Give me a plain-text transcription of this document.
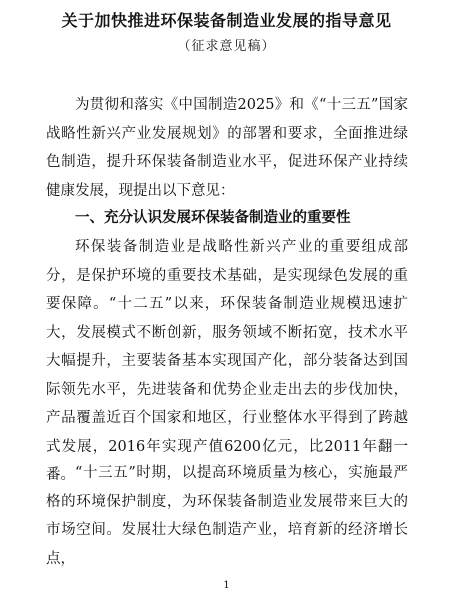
关于加快推进环保装备制造业发展的指导意见
（征求意见稿）

为贯彻和落实《中国制造2025》和《“十三五”国家战略性新兴产业发展规划》的部署和要求，全面推进绿色制造，提升环保装备制造业水平，促进环保产业持续健康发展，现提出以下意见：

一、充分认识发展环保装备制造业的重要性

环保装备制造业是战略性新兴产业的重要组成部分，是保护环境的重要技术基础，是实现绿色发展的重要保障。“十二五”以来，环保装备制造业规模迅速扩大，发展模式不断创新，服务领域不断拓宽，技术水平大幅提升，主要装备基本实现国产化，部分装备达到国际领先水平，先进装备和优势企业走出去的步伐加快，产品覆盖近百个国家和地区，行业整体水平得到了跨越式发展，2016年实现产值6200亿元，比2011年翻一番。 “十三五”时期，以提高环境质量为核心，实施最严格的环境保护制度，为环保装备制造业发展带来巨大的市场空间。发展壮大绿色制造产业，培育新的经济增长点，

1
